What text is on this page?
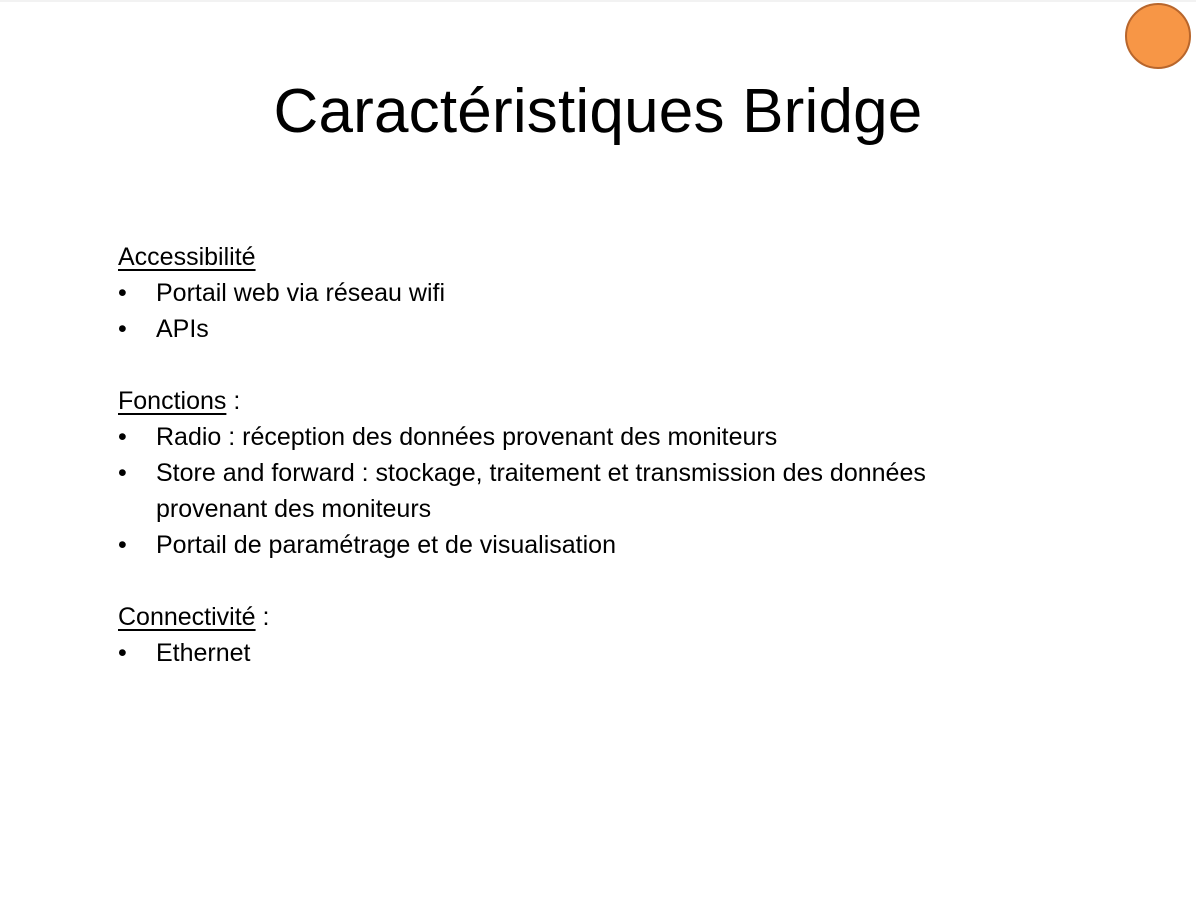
Caractéristiques Bridge
Accessibilité
• Portail web via réseau wifi
• APIs
Fonctions :
• Radio : réception des données provenant des moniteurs
• Store and forward : stockage, traitement et transmission des données provenant des moniteurs
• Portail de paramétrage et de visualisation
Connectivité :
• Ethernet
